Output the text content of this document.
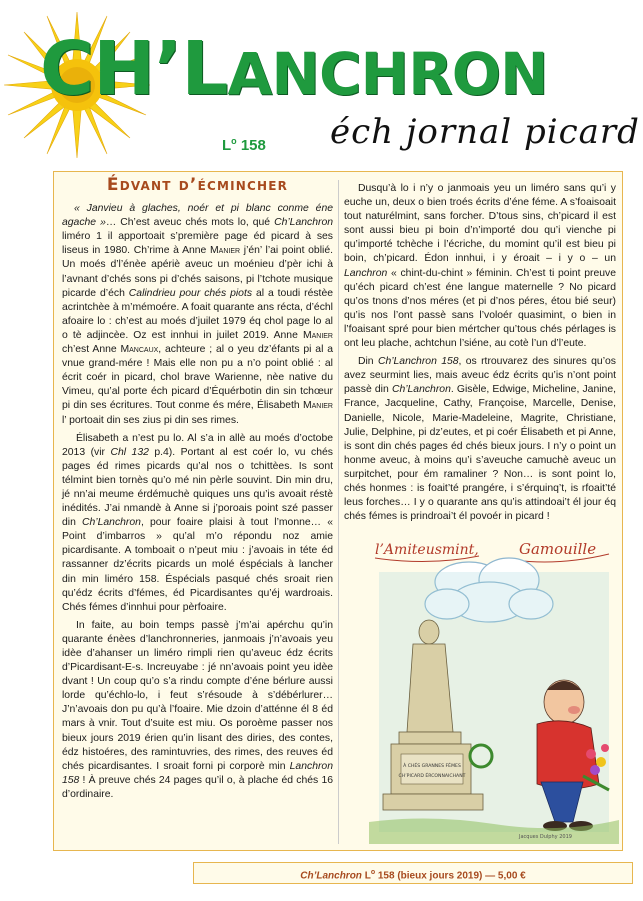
CH’LANCHRON
éch jornal picard
$L^o$ 158
Édvant d’écmincher

« Janvieu à glaches, noér et pi blanc conme éne agache »… Ch’est aveuc chés mots lo, qué Ch’Lanchron liméro 1 il apportoait s’première page éd picard à ses liseus in 1980. Ch’rime à Anne Manier j’én’ l’ai point oblié. Un moés d’l’énèe apériè aveuc un moénieu d’pèr ichi à l’avnant d’chés sons pi d’chés saisons, pi l’tchote musique picarde d’éch Calindrieu pour chés piots al a toudi réstèe acrintchèe à m’mémoére. A foait quarante ans récta, d’échl afoaire lo : ch’est au moés d’juilet 1979 éq chol page lo al o tè adjincèe. Oz est innhui in juilet 2019. Anne Manier ch’est Anne Mancaux, achteure ; al o yeu dz’éfants pi al a vnue grand-mére ! Mais elle non pu a n’o point oblié : al écrit coér in picard, chol brave Warienne, nèe native du Vimeu, qu’al porte éch picard d’Équérbotin din sin tchœur pi din ses écritures. Tout conme és mére, Élisabeth Manier l’ portoait din ses zius pi din ses rimes.

Élisabeth a n’est pu lo. Al s’a in allè au moés d’octobe 2013 (vir Chl 132 p.4). Portant al est coér lo, vu chés pages éd rimes picards qu’al nos o tchittèes. Is sont télmint bien tornès qu’o mé nin pèrle souvint. Din min dru, jé nn’ai meume érdémuchè quiques uns qu’is avoait réstè inédités. J’ai nmandè à Anne si j’poroais point szé passer din Ch’Lanchron, pour foaire plaisi à tout l’monne… « Point d’imbarros » qu’al m’o répondu noz amie picardisante. A tomboait o n’peut miu : j’avoais in téte éd rassanner dz’écrits picards un molé éspécials à lancher din min liméro 158. Éspécials pasqué chés sroait rien qu’édz écrits d’fémes, éd Picardisantes qu’éj wardroais. Chés fémes d’innhui pour pèrfoaire.

In faite, au boin temps passè j’m’ai apérchu qu’in quarante énèes d’lanchronneries, janmoais j’n’avoais yeu idèe d’ahanser un liméro rimpli rien qu’aveuc édz écrits d’Picardisant-E-s. Increuyabe : jé nn’avoais point yeu idèe dvant ! Un coup qu’o s’a rindu compte d’éne bérlure aussi lorde qu’échlo-lo, i feut s’résoude à s’débérlurer… J’n’avoais don pu qu’à l’foaire. Mie dzoin d’atténne él 8 éd mars à vnir. Tout d’suite est miu. Os poroème passer nos bieux jours 2019 érien qu’in lisant des diries, des contes, édz histoéres, des ramintuvries, des rimes, des reuves éd chés picardisantes. I sroait forni pi corporè min Lanchron 158 ! À preuve chés 24 pages qu’il o, à plache éd chés 16 d’ordinaire.

Dusqu’à lo i n’y o janmoais yeu un liméro sans qu’i y euche un, deux o bien troés écrits d’éne féme. A s’foaisoait tout naturélmint, sans forcher. D’tous sins, ch’picard il est sont aussi bieu pi boin d’n’importé dou qu’i vienche pi qu’importé tchèche i l’écriche, du momint qu’il est bieu pi boin, ch’picard. Édon innhui, i y éroait – i y o – un Lanchron « chint-du-chint » féminin. Ch’est ti point preuve qu’éch picard ch’est éne langue maternelle ? No picard qu’os tnons d’nos méres (et pi d’nos péres, étou bié seur) qu’is nos l’ont passè sans l’voloér quasimint, o bien in l’foaisant spré pour bien mértcher qu’tous chés pérlages is ont leu plache, achtchun l’siéne, au cotè l’un d’l’eute.

Din Ch’Lanchron 158, os rtrouvarez des sinures qu’os avez seurmint lies, mais aveuc édz écrits qu’is n’ont point passè din Ch’Lanchron. Gisèle, Edwige, Micheline, Janine, France, Jacqueline, Cathy, Françoise, Marcelle, Denise, Danielle, Nicole, Marie-Madeleine, Magrite, Christiane, Julie, Delphine, pi dz’eutes, et pi coér Élisabeth et pi Anne, is sont din chés pages éd chés bieux jours. I n’y o point un honme aveuc, à moins qu’i s’aveuche camuchè aveuc un surpitchet, pour ém ramaliner ? Non… is sont point lo, chés honmes : is foait’té prangére, i s’érquinq’t, is rfoait’té leus forches… I y o quarante ans qu’is attindoai’t él jour éq chés fémes is prindroai’t él povoér in picard !

l’Amiteusmint,	Gamouille
À CHÉS GRANNES FÉMES
CH’PICARD ÉRCONNAICHANT
Jacques Dulphy 2019
Ch’Lanchron $L^o$ 158 (bieux jours 2019) — 5,00 €
